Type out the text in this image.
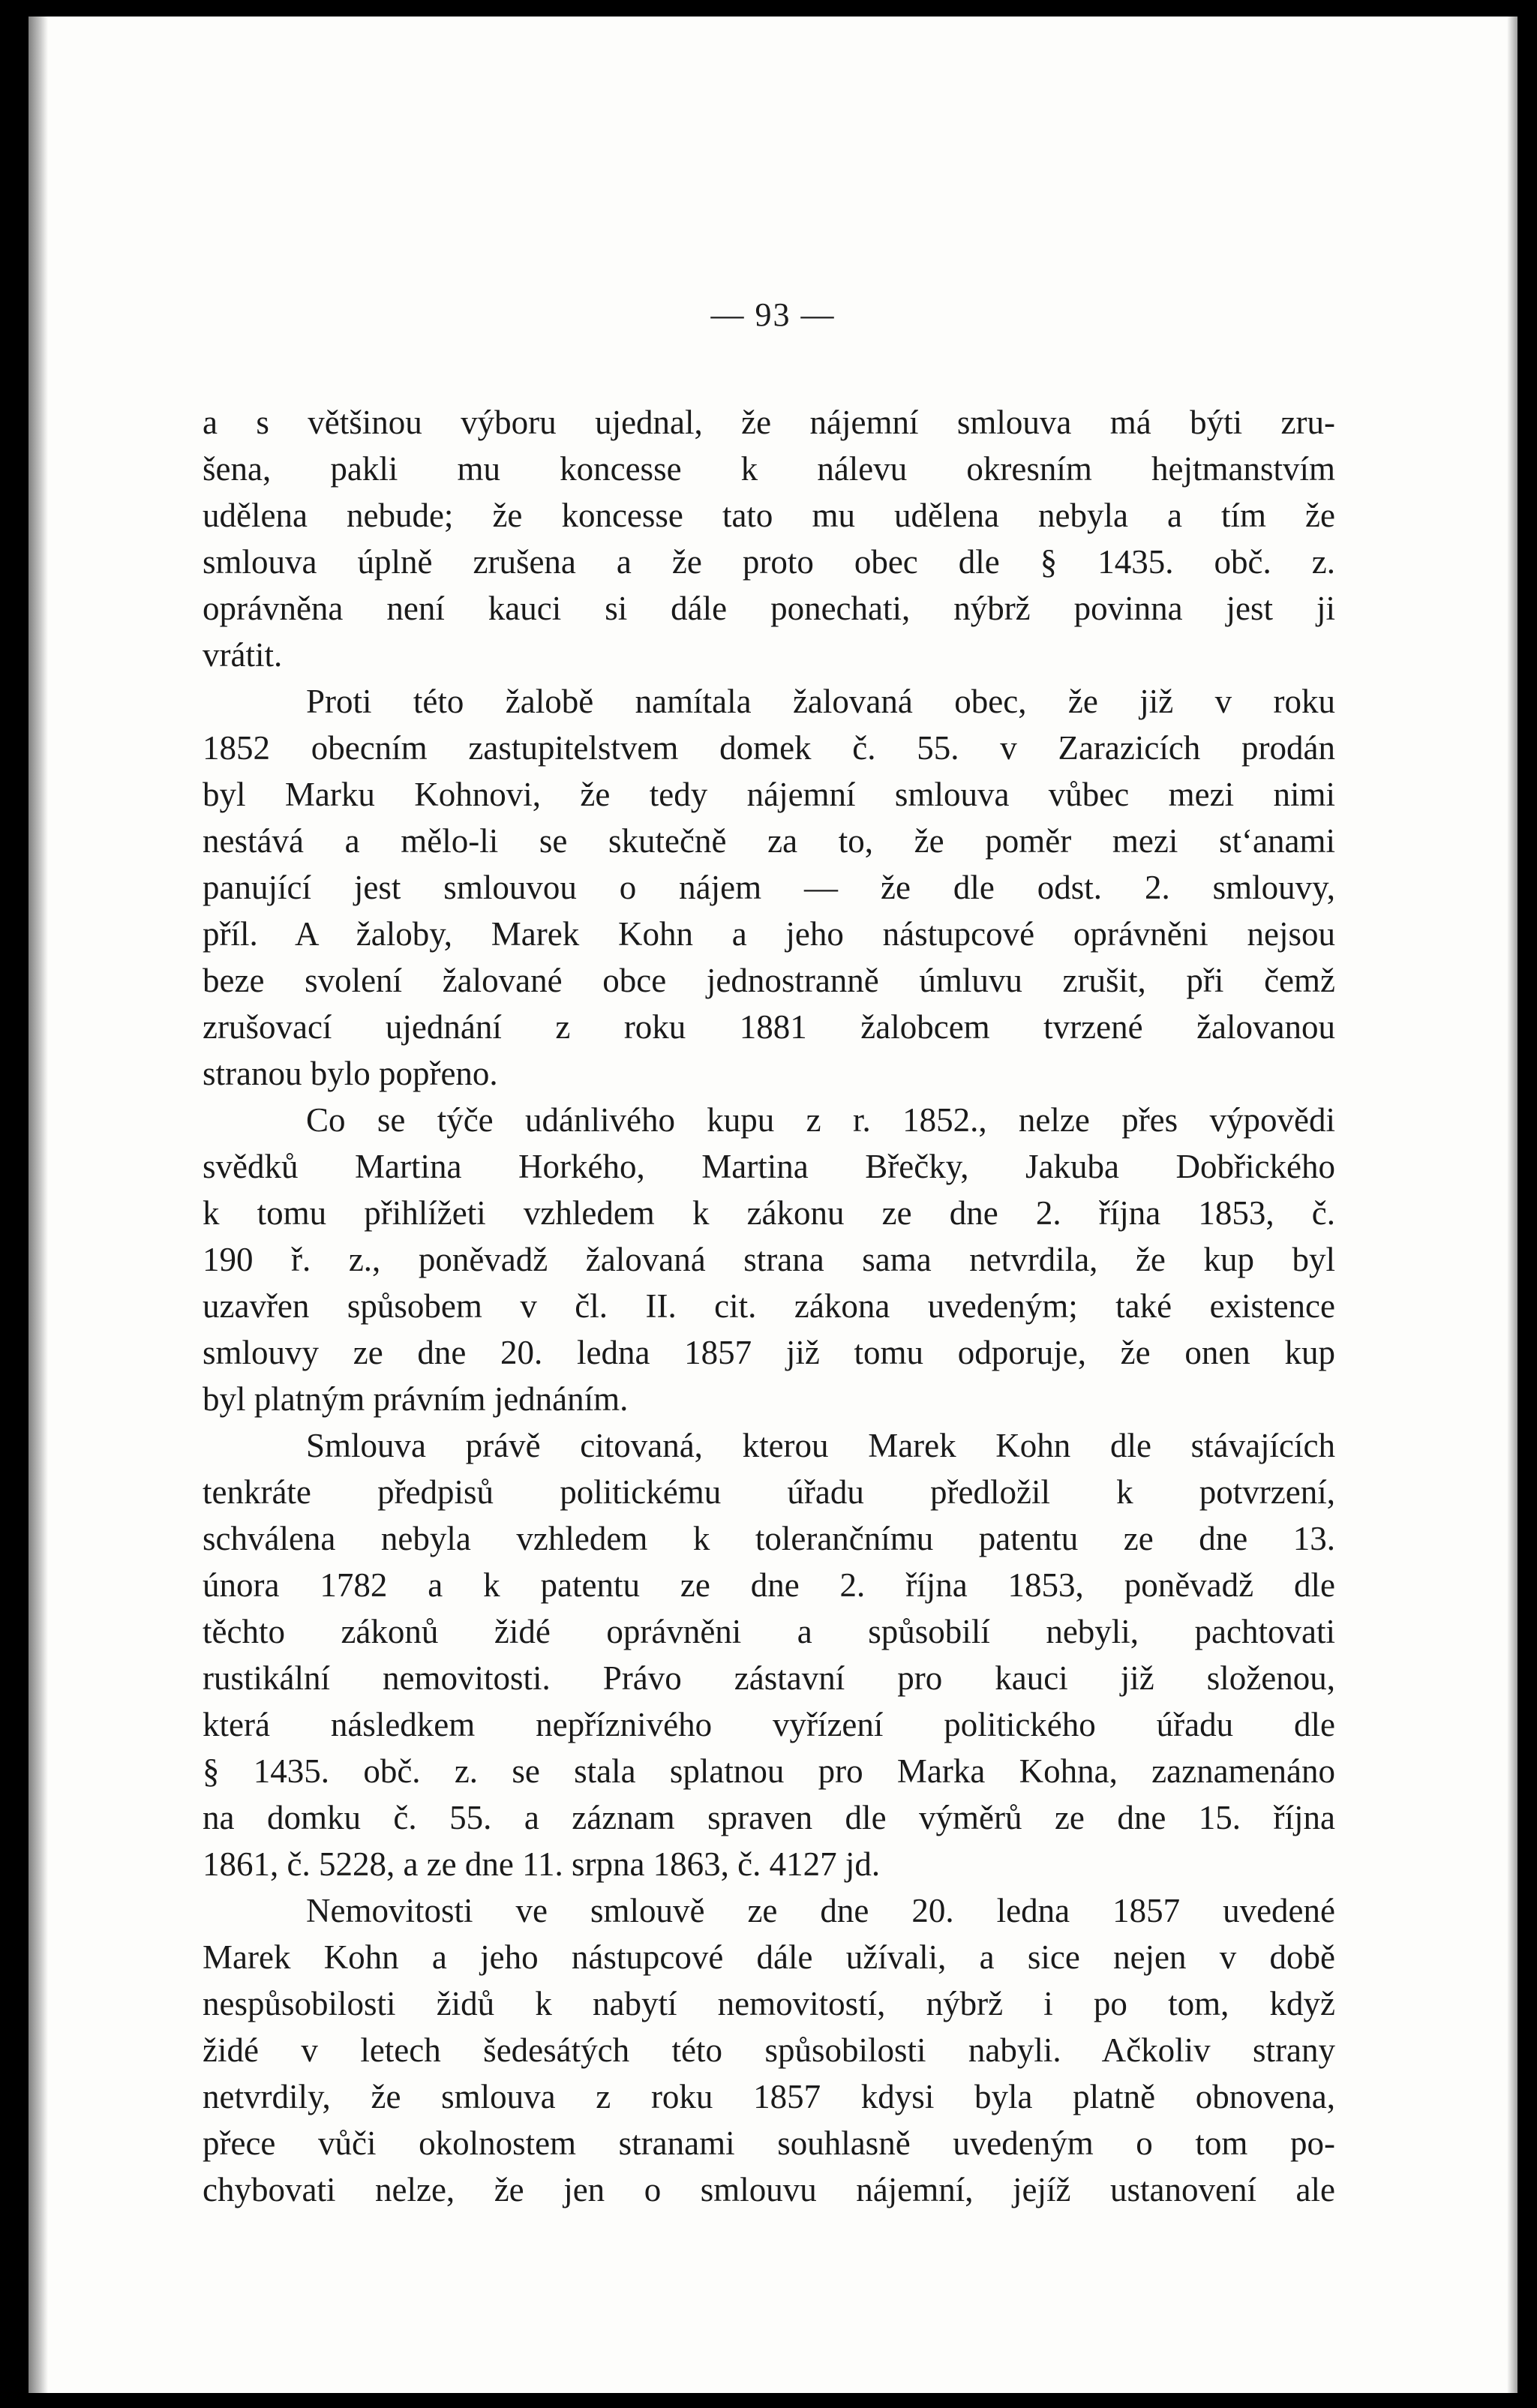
— 93 —

a s většinou výboru ujednal, že nájemní smlouva má býti zru-

šena, pakli mu koncesse k nálevu okresním hejtmanstvím

udělena nebude; že koncesse tato mu udělena nebyla a tím že

smlouva úplně zrušena a že proto obec dle § 1435. obč. z.

oprávněna není kauci si dále ponechati, nýbrž povinna jest ji

vrátit.

Proti této žalobě namítala žalovaná obec, že již v roku

1852 obecním zastupitelstvem domek č. 55. v Zarazicích prodán

byl Marku Kohnovi, že tedy nájemní smlouva vůbec mezi nimi

nestává a mělo-li se skutečně za to, že poměr mezi st‘anami

panující jest smlouvou o nájem — že dle odst. 2. smlouvy,

příl. A žaloby, Marek Kohn a jeho nástupcové oprávněni nejsou

beze svolení žalované obce jednostranně úmluvu zrušit, při čemž

zrušovací ujednání z roku 1881 žalobcem tvrzené žalovanou

stranou bylo popřeno.

Co se týče udánlivého kupu z r. 1852., nelze přes výpovědi

svědků Martina Horkého, Martina Břečky, Jakuba Dobřického

k tomu přihlížeti vzhledem k zákonu ze dne 2. října 1853, č.

190 ř. z., poněvadž žalovaná strana sama netvrdila, že kup byl

uzavřen spůsobem v čl. II. cit. zákona uvedeným; také existence

smlouvy ze dne 20. ledna 1857 již tomu odporuje, že onen kup

byl platným právním jednáním.

Smlouva právě citovaná, kterou Marek Kohn dle stávajících

tenkráte předpisů politickému úřadu předložil k potvrzení,

schválena nebyla vzhledem k tolerančnímu patentu ze dne 13.

února 1782 a k patentu ze dne 2. října 1853, poněvadž dle

těchto zákonů židé oprávněni a spůsobilí nebyli, pachtovati

rustikální nemovitosti. Právo zástavní pro kauci již složenou,

která následkem nepříznivého vyřízení politického úřadu dle

§ 1435. obč. z. se stala splatnou pro Marka Kohna, zaznamenáno

na domku č. 55. a záznam spraven dle výměrů ze dne 15. října

1861, č. 5228, a ze dne 11. srpna 1863, č. 4127 jd.

Nemovitosti ve smlouvě ze dne 20. ledna 1857 uvedené

Marek Kohn a jeho nástupcové dále užívali, a sice nejen v době

nespůsobilosti židů k nabytí nemovitostí, nýbrž i po tom, když

židé v letech šedesátých této spůsobilosti nabyli. Ačkoliv strany

netvrdily, že smlouva z roku 1857 kdysi byla platně obnovena,

přece vůči okolnostem stranami souhlasně uvedeným o tom po-

chybovati nelze, že jen o smlouvu nájemní, jejíž ustanovení ale
